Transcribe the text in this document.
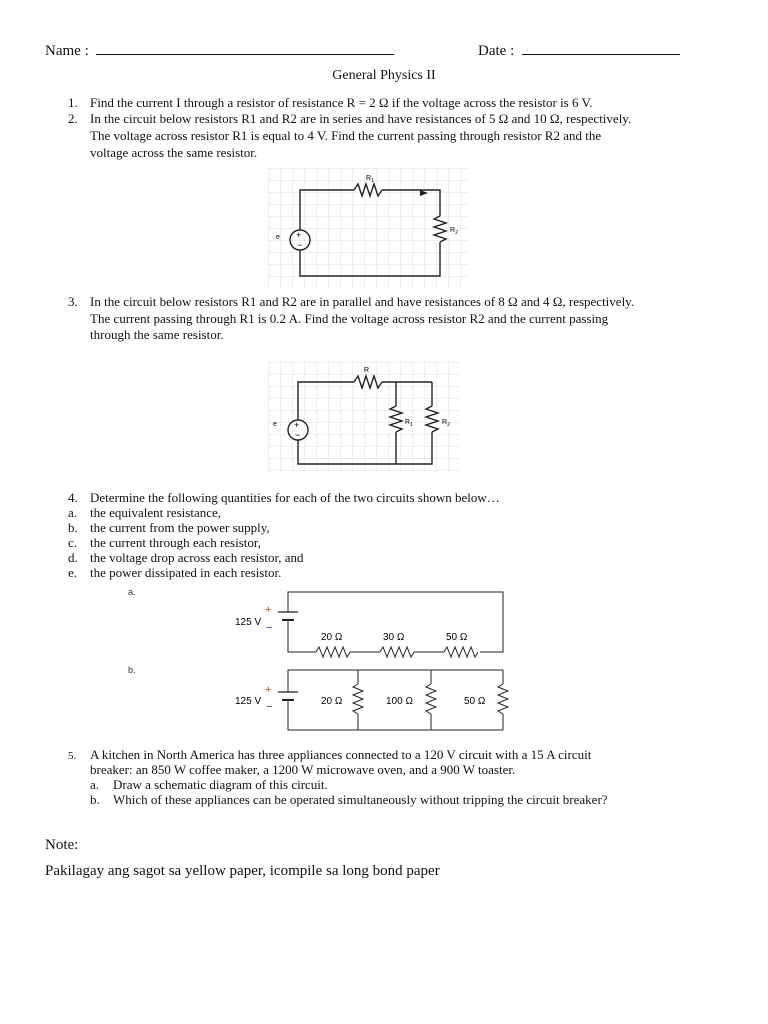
Name :	Date :
General Physics II
1. Find the current I through a resistor of resistance R = 2 Ω if the voltage across the resistor is 6 V.
2. In the circuit below resistors R1 and R2 are in series and have resistances of 5 Ω and 10 Ω, respectively.
The voltage across resistor R1 is equal to 4 V. Find the current passing through resistor R2 and the
voltage across the same resistor.
+
−
e
$R_1$
$R_2$
3. In the circuit below resistors R1 and R2 are in parallel and have resistances of 8 Ω and 4 Ω, respectively.
The current passing through R1 is 0.2 A. Find the voltage across resistor R2 and the current passing
through the same resistor.
+
−
e
R
$R_1$	$R_2$
4. Determine the following quantities for each of the two circuits shown below…
a. the equivalent resistance,
b. the current from the power supply,
c. the current through each resistor,
d. the voltage drop across each resistor, and
e. the power dissipated in each resistor.
a.
+
−
125 V
20 Ω	30 Ω	50 Ω
b.
+
−
125 V	20 Ω	100 Ω	50 Ω
5. A kitchen in North America has three appliances connected to a 120 V circuit with a 15 A circuit
breaker: an 850 W coffee maker, a 1200 W microwave oven, and a 900 W toaster.
a. Draw a schematic diagram of this circuit.
b. Which of these appliances can be operated simultaneously without tripping the circuit breaker?
Note:
Pakilagay ang sagot sa yellow paper, icompile sa long bond paper
